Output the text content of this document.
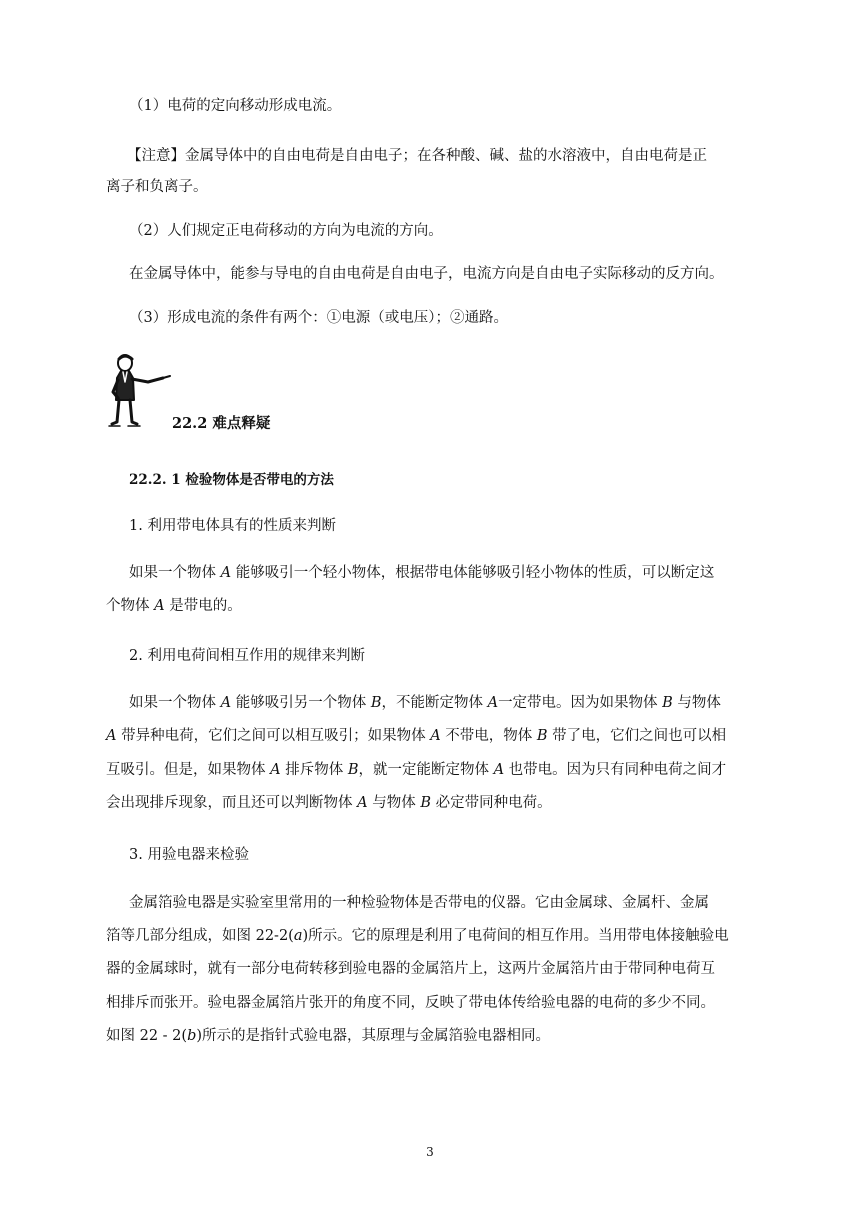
（1）电荷的定向移动形成电流。
【注意】金属导体中的自由电荷是自由电子；在各种酸、碱、盐的水溶液中，自由电荷是正
离子和负离子。
（2）人们规定正电荷移动的方向为电流的方向。
在金属导体中，能参与导电的自由电荷是自由电子，电流方向是自由电子实际移动的反方向。
（3）形成电流的条件有两个：①电源（或电压）；②通路。
22.2 难点释疑
22.2. 1 检验物体是否带电的方法
1. 利用带电体具有的性质来判断
如果一个物体 A 能够吸引一个轻小物体，根据带电体能够吸引轻小物体的性质，可以断定这
个物体 A 是带电的。
2. 利用电荷间相互作用的规律来判断
如果一个物体 A 能够吸引另一个物体 B，不能断定物体 A一定带电。因为如果物体 B 与物体
A 带异种电荷，它们之间可以相互吸引；如果物体 A 不带电，物体 B 带了电，它们之间也可以相
互吸引。但是，如果物体 A 排斥物体 B，就一定能断定物体 A 也带电。因为只有同种电荷之间才
会出现排斥现象，而且还可以判断物体 A 与物体 B 必定带同种电荷。
3. 用验电器来检验
金属箔验电器是实验室里常用的一种检验物体是否带电的仪器。它由金属球、金属杆、金属
箔等几部分组成，如图 22-2(a)所示。它的原理是利用了电荷间的相互作用。当用带电体接触验电
器的金属球时，就有一部分电荷转移到验电器的金属箔片上，这两片金属箔片由于带同种电荷互
相排斥而张开。验电器金属箔片张开的角度不同，反映了带电体传给验电器的电荷的多少不同。
如图 22 - 2(b)所示的是指针式验电器，其原理与金属箔验电器相同。
3
